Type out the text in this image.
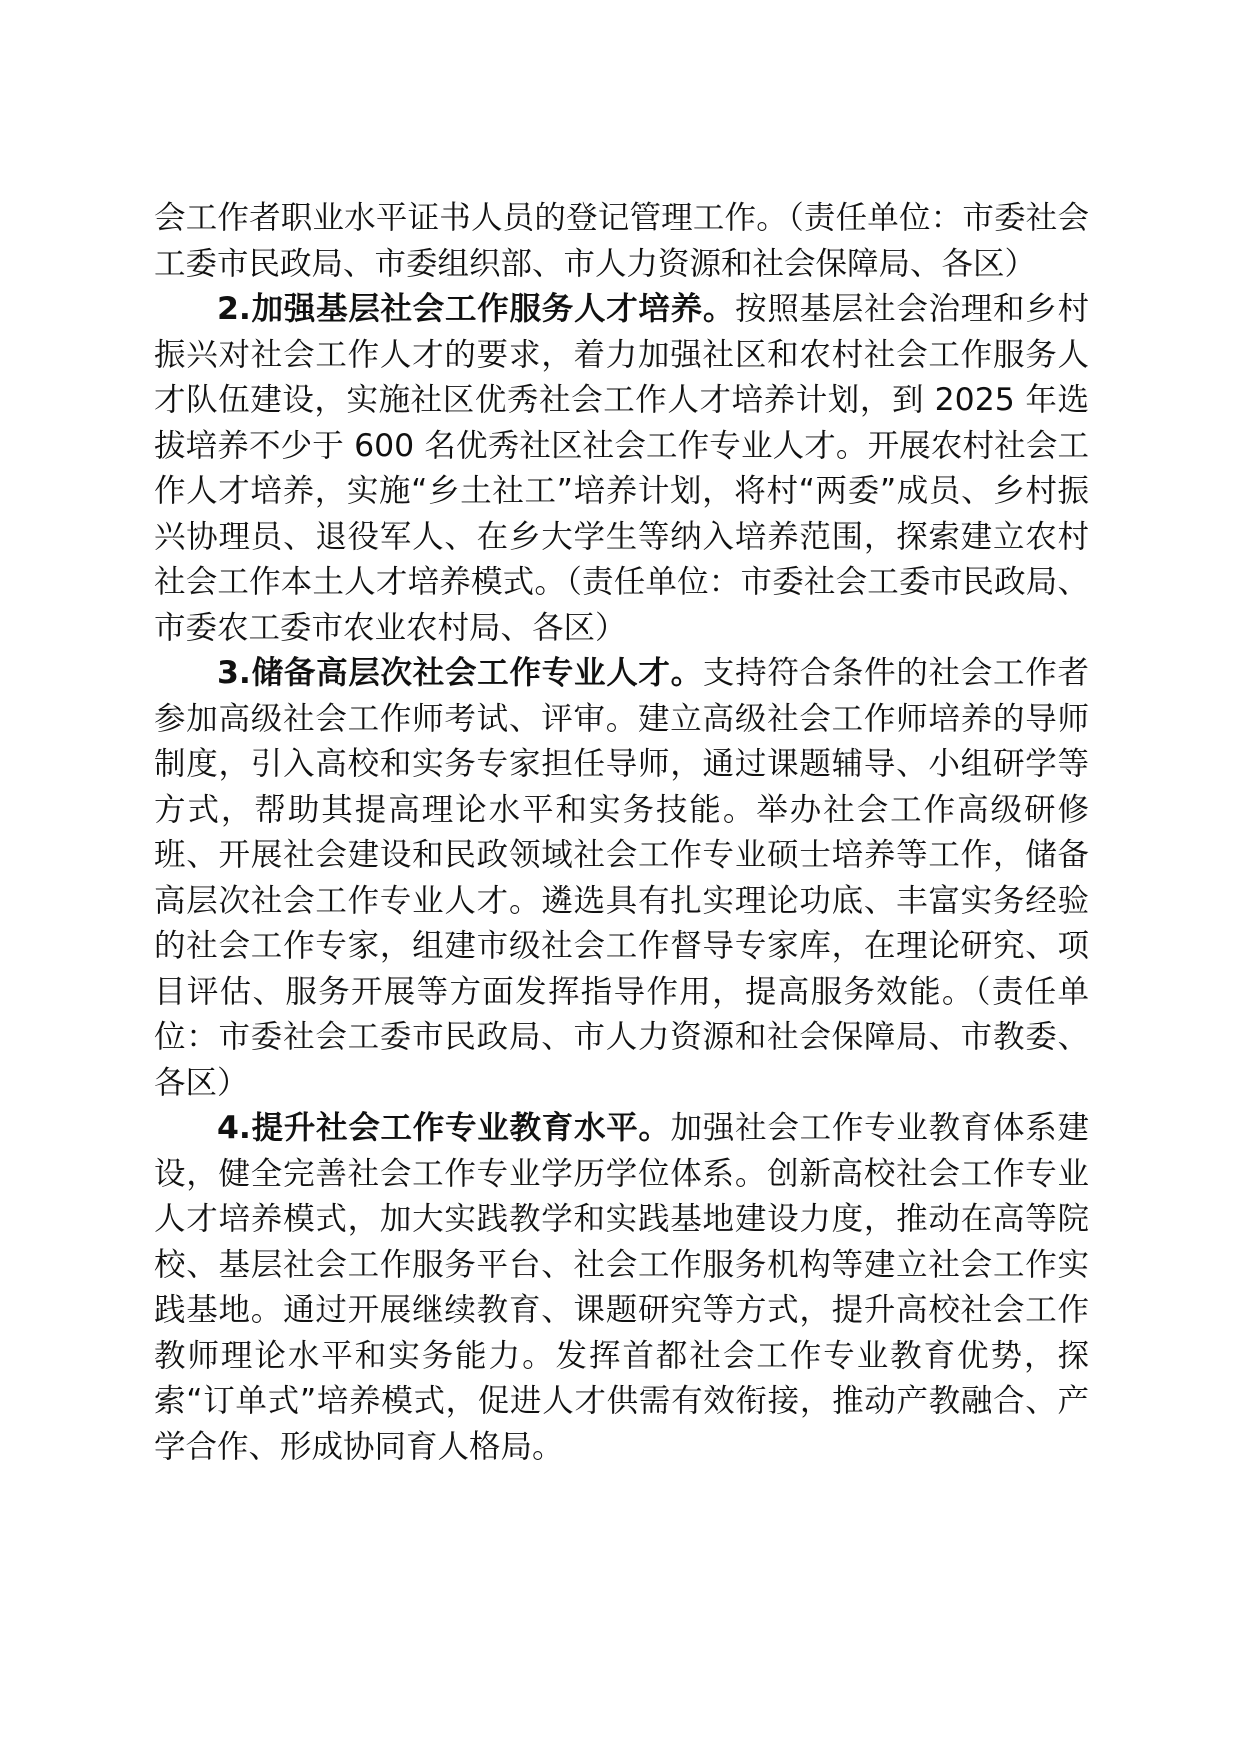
会工作者职业水平证书人员的登记管理工作。（责任单位：市委社会工委市民政局、市委组织部、市人力资源和社会保障局、各区）

2.加强基层社会工作服务人才培养。按照基层社会治理和乡村振兴对社会工作人才的要求，着力加强社区和农村社会工作服务人才队伍建设，实施社区优秀社会工作人才培养计划，到 2025 年选拔培养不少于 600 名优秀社区社会工作专业人才。开展农村社会工作人才培养，实施“乡土社工”培养计划，将村“两委”成员、乡村振兴协理员、退役军人、在乡大学生等纳入培养范围，探索建立农村社会工作本土人才培养模式。（责任单位：市委社会工委市民政局、市委农工委市农业农村局、各区）

3.储备高层次社会工作专业人才。支持符合条件的社会工作者参加高级社会工作师考试、评审。建立高级社会工作师培养的导师制度，引入高校和实务专家担任导师，通过课题辅导、小组研学等方式，帮助其提高理论水平和实务技能。举办社会工作高级研修班、开展社会建设和民政领域社会工作专业硕士培养等工作，储备高层次社会工作专业人才。遴选具有扎实理论功底、丰富实务经验的社会工作专家，组建市级社会工作督导专家库，在理论研究、项目评估、服务开展等方面发挥指导作用，提高服务效能。（责任单位：市委社会工委市民政局、市人力资源和社会保障局、市教委、各区）

4.提升社会工作专业教育水平。加强社会工作专业教育体系建设，健全完善社会工作专业学历学位体系。创新高校社会工作专业人才培养模式，加大实践教学和实践基地建设力度，推动在高等院校、基层社会工作服务平台、社会工作服务机构等建立社会工作实践基地。通过开展继续教育、课题研究等方式，提升高校社会工作教师理论水平和实务能力。发挥首都社会工作专业教育优势，探索“订单式”培养模式，促进人才供需有效衔接，推动产教融合、产学合作、形成协同育人格局。
